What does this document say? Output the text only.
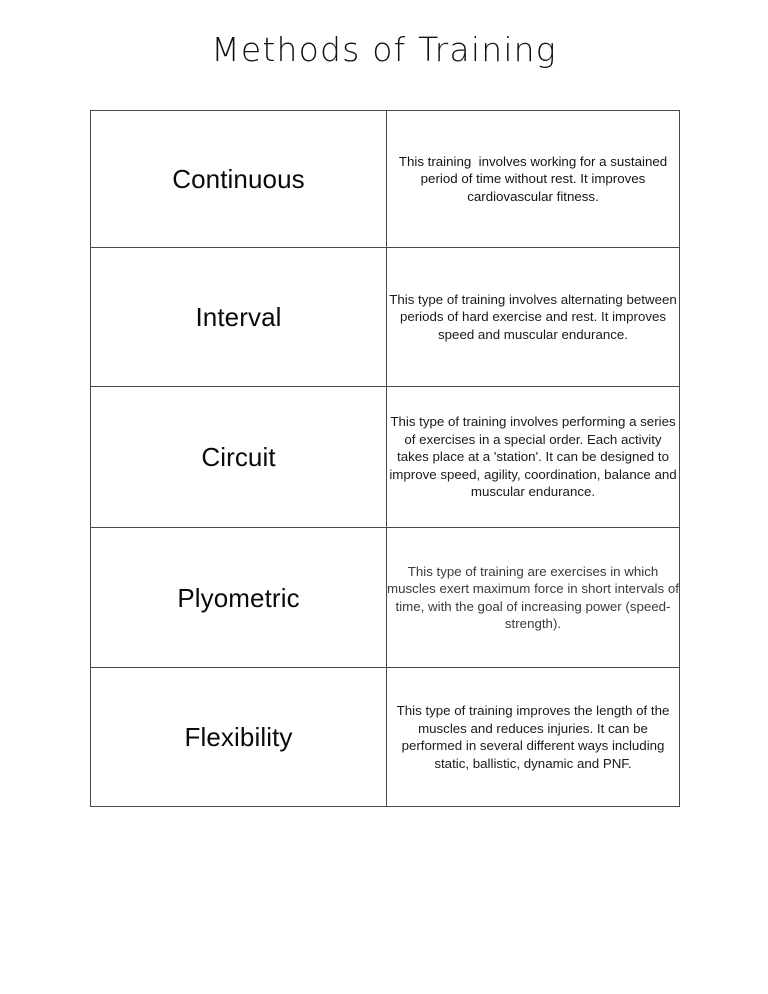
Methods of Training
Continuous	This training  involves working for a sustained period of time without rest. It improves cardiovascular fitness.

Interval	This type of training involves alternating between periods of hard exercise and rest. It improves speed and muscular endurance.

Circuit	This type of training involves performing a series of exercises in a special order. Each activity takes place at a 'station'. It can be designed to improve speed, agility, coordination, balance and muscular endurance.

Plyometric	This type of training are exercises in which muscles exert maximum force in short intervals of time, with the goal of increasing power (speed-strength).

Flexibility	This type of training improves the length of the muscles and reduces injuries. It can be performed in several different ways including static, ballistic, dynamic and PNF.
